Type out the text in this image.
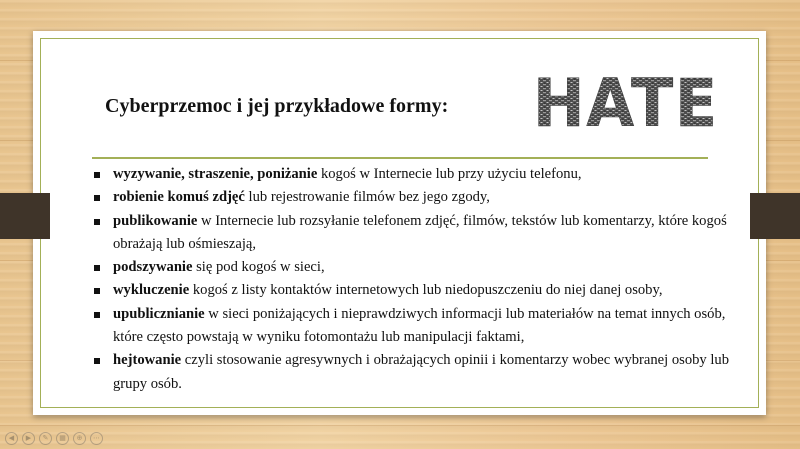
Cyberprzemoc i jej przykładowe formy: HATE
wyzywanie, straszenie, poniżanie kogoś w Internecie lub przy użyciu telefonu,
robienie komuś zdjęć lub rejestrowanie filmów bez jego zgody,
publikowanie w Internecie lub rozsyłanie telefonem zdjęć, filmów, tekstów lub komentarzy, które kogoś obrażają lub ośmieszają,
podszywanie się pod kogoś w sieci,
wykluczenie kogoś z listy kontaktów internetowych lub niedopuszczeniu do niej danej osoby,
upublicznianie w sieci poniżających i nieprawdziwych informacji lub materiałów na temat innych osób, które często powstają w wyniku fotomontażu lub manipulacji faktami,
hejtowanie czyli stosowanie agresywnych i obrażających opinii i komentarzy wobec wybranej osoby lub grupy osób.
◀	▶	✎	▦	⊕	⋯
